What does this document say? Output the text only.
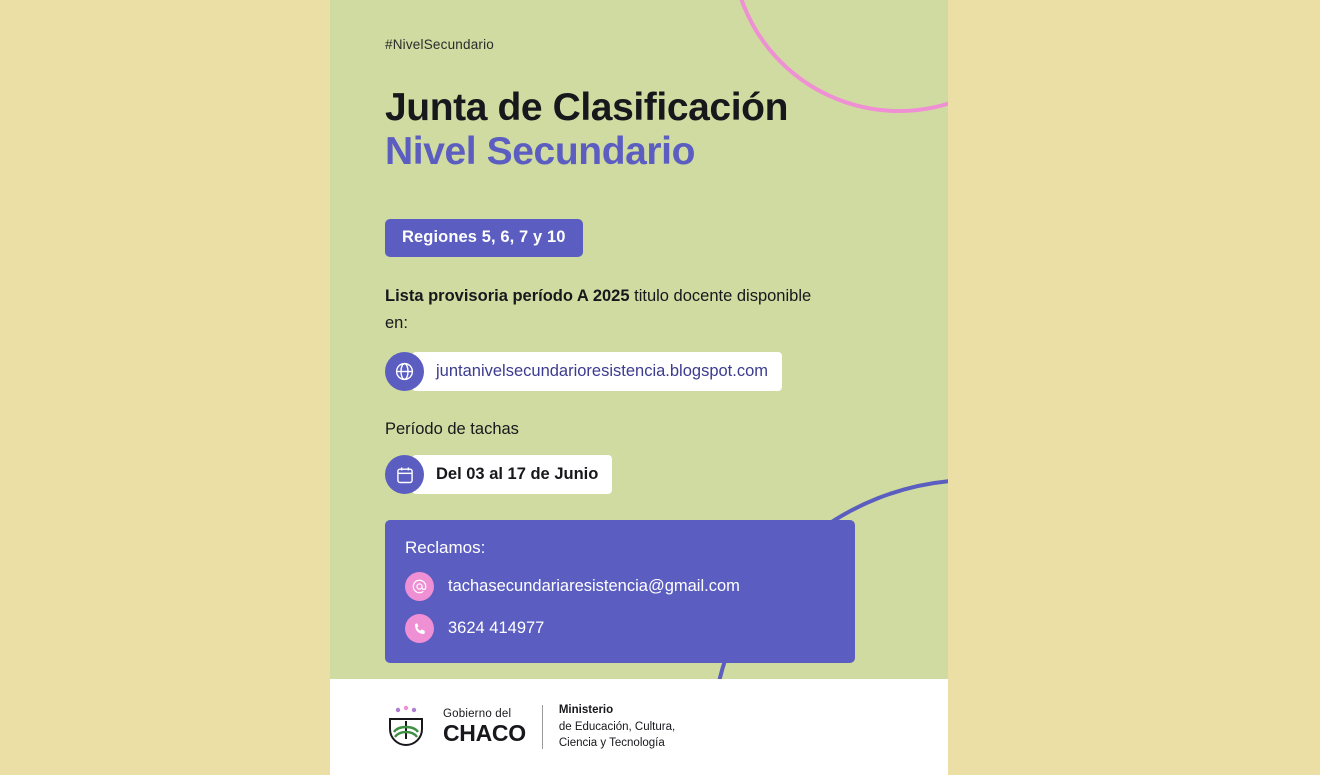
#NivelSecundario
Junta de Clasificación
Nivel Secundario
Regiones 5, 6, 7 y 10
Lista provisoria período A 2025 titulo docente disponible en:
juntanivelsecundarioresistencia.blogspot.com
Período de tachas
Del 03 al 17 de Junio
Reclamos:
tachasecundariaresistencia@gmail.com
3624 414977
Gobierno del
CHACO
Ministerio
de Educación, Cultura,
Ciencia y Tecnología
